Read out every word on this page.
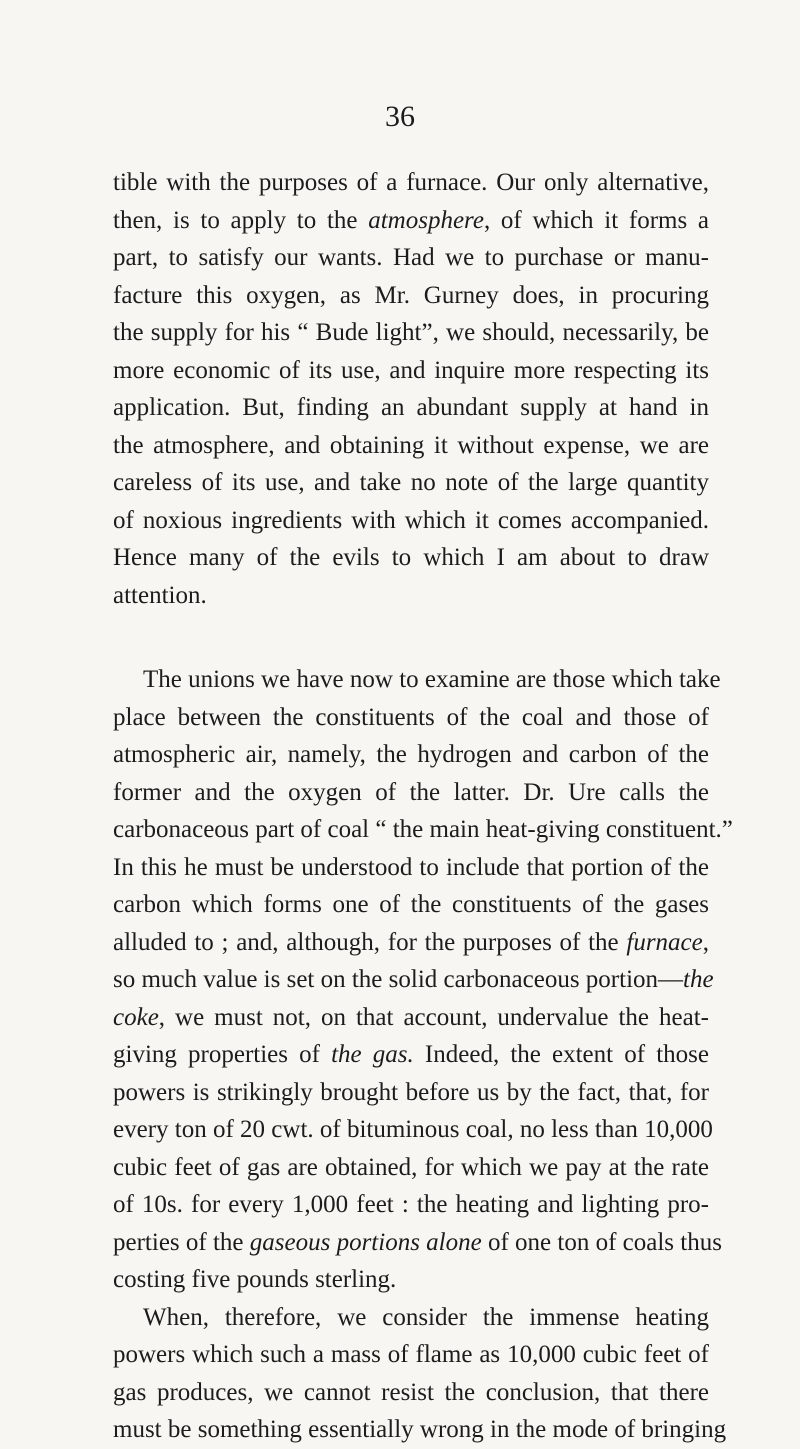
36

tible with the purposes of a furnace. Our only alternative,
then, is to apply to the atmosphere, of which it forms a
part, to satisfy our wants. Had we to purchase or manu-
facture this oxygen, as Mr. Gurney does, in procuring
the supply for his “ Bude light”, we should, necessarily, be
more economic of its use, and inquire more respecting its
application. But, finding an abundant supply at hand in
the atmosphere, and obtaining it without expense, we are
careless of its use, and take no note of the large quantity
of noxious ingredients with which it comes accompanied.
Hence many of the evils to which I am about to draw
attention.
The unions we have now to examine are those which take
place between the constituents of the coal and those of
atmospheric air, namely, the hydrogen and carbon of the
former and the oxygen of the latter. Dr. Ure calls the
carbonaceous part of coal “ the main heat-giving constituent.”
In this he must be understood to include that portion of the
carbon which forms one of the constituents of the gases
alluded to ; and, although, for the purposes of the furnace,
so much value is set on the solid carbonaceous portion—the
coke, we must not, on that account, undervalue the heat-
giving properties of the gas. Indeed, the extent of those
powers is strikingly brought before us by the fact, that, for
every ton of 20 cwt. of bituminous coal, no less than 10,000
cubic feet of gas are obtained, for which we pay at the rate
of 10s. for every 1,000 feet : the heating and lighting pro-
perties of the gaseous portions alone of one ton of coals thus
costing five pounds sterling.
When, therefore, we consider the immense heating
powers which such a mass of flame as 10,000 cubic feet of
gas produces, we cannot resist the conclusion, that there
must be something essentially wrong in the mode of bringing
